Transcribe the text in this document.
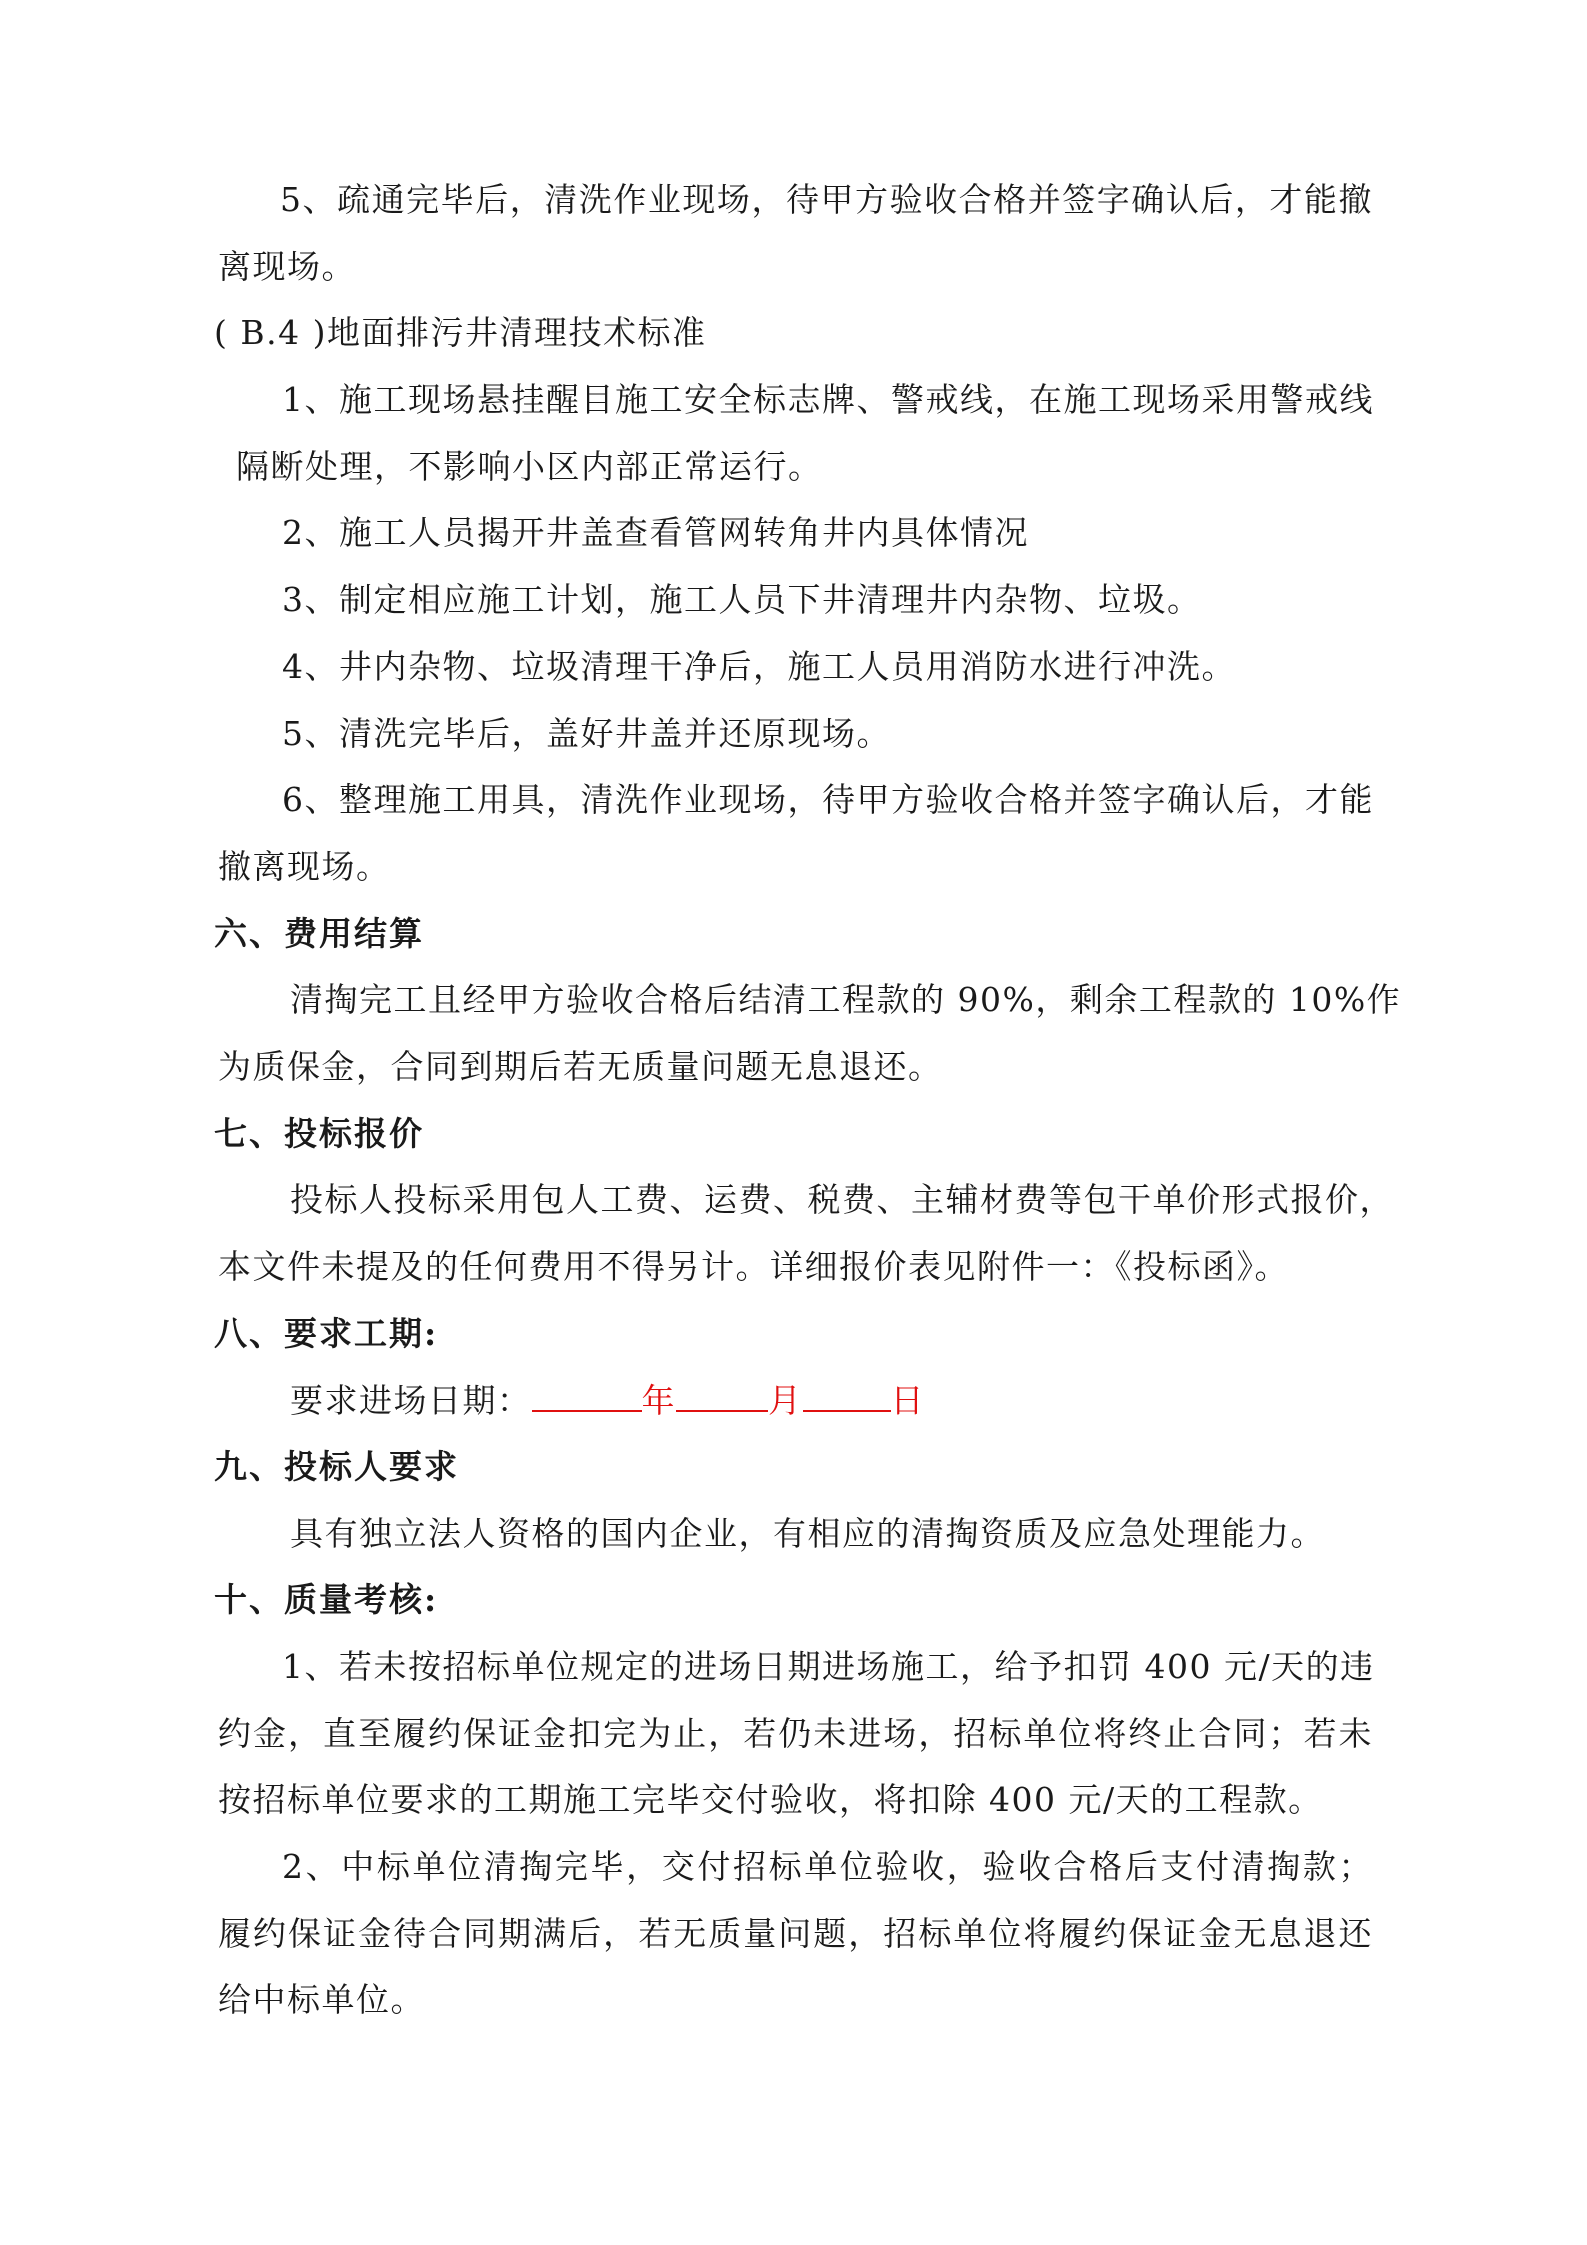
5、疏通完毕后，清洗作业现场，待甲方验收合格并签字确认后，才能撤
离现场。
( B.4 )地面排污井清理技术标准
1、施工现场悬挂醒目施工安全标志牌、警戒线，在施工现场采用警戒线
隔断处理，不影响小区内部正常运行。
2、施工人员揭开井盖查看管网转角井内具体情况
3、制定相应施工计划，施工人员下井清理井内杂物、垃圾。
4、井内杂物、垃圾清理干净后，施工人员用消防水进行冲洗。
5、清洗完毕后，盖好井盖并还原现场。
6、整理施工用具，清洗作业现场，待甲方验收合格并签字确认后，才能
撤离现场。
六、费用结算
清掏完工且经甲方验收合格后结清工程款的 90%，剩余工程款的 10%作
为质保金，合同到期后若无质量问题无息退还。
七、投标报价
投标人投标采用包人工费、运费、税费、主辅材费等包干单价形式报价，
本文件未提及的任何费用不得另计。详细报价表见附件一：《投标函》。
八、要求工期:
要求进场日期：	年	月	日
九、投标人要求
具有独立法人资格的国内企业，有相应的清掏资质及应急处理能力。
十、质量考核:
1、若未按招标单位规定的进场日期进场施工，给予扣罚 400 元/天的违
约金，直至履约保证金扣完为止，若仍未进场，招标单位将终止合同；若未
按招标单位要求的工期施工完毕交付验收，将扣除 400 元/天的工程款。
2、中标单位清掏完毕，交付招标单位验收，验收合格后支付清掏款；
履约保证金待合同期满后，若无质量问题，招标单位将履约保证金无息退还
给中标单位。
